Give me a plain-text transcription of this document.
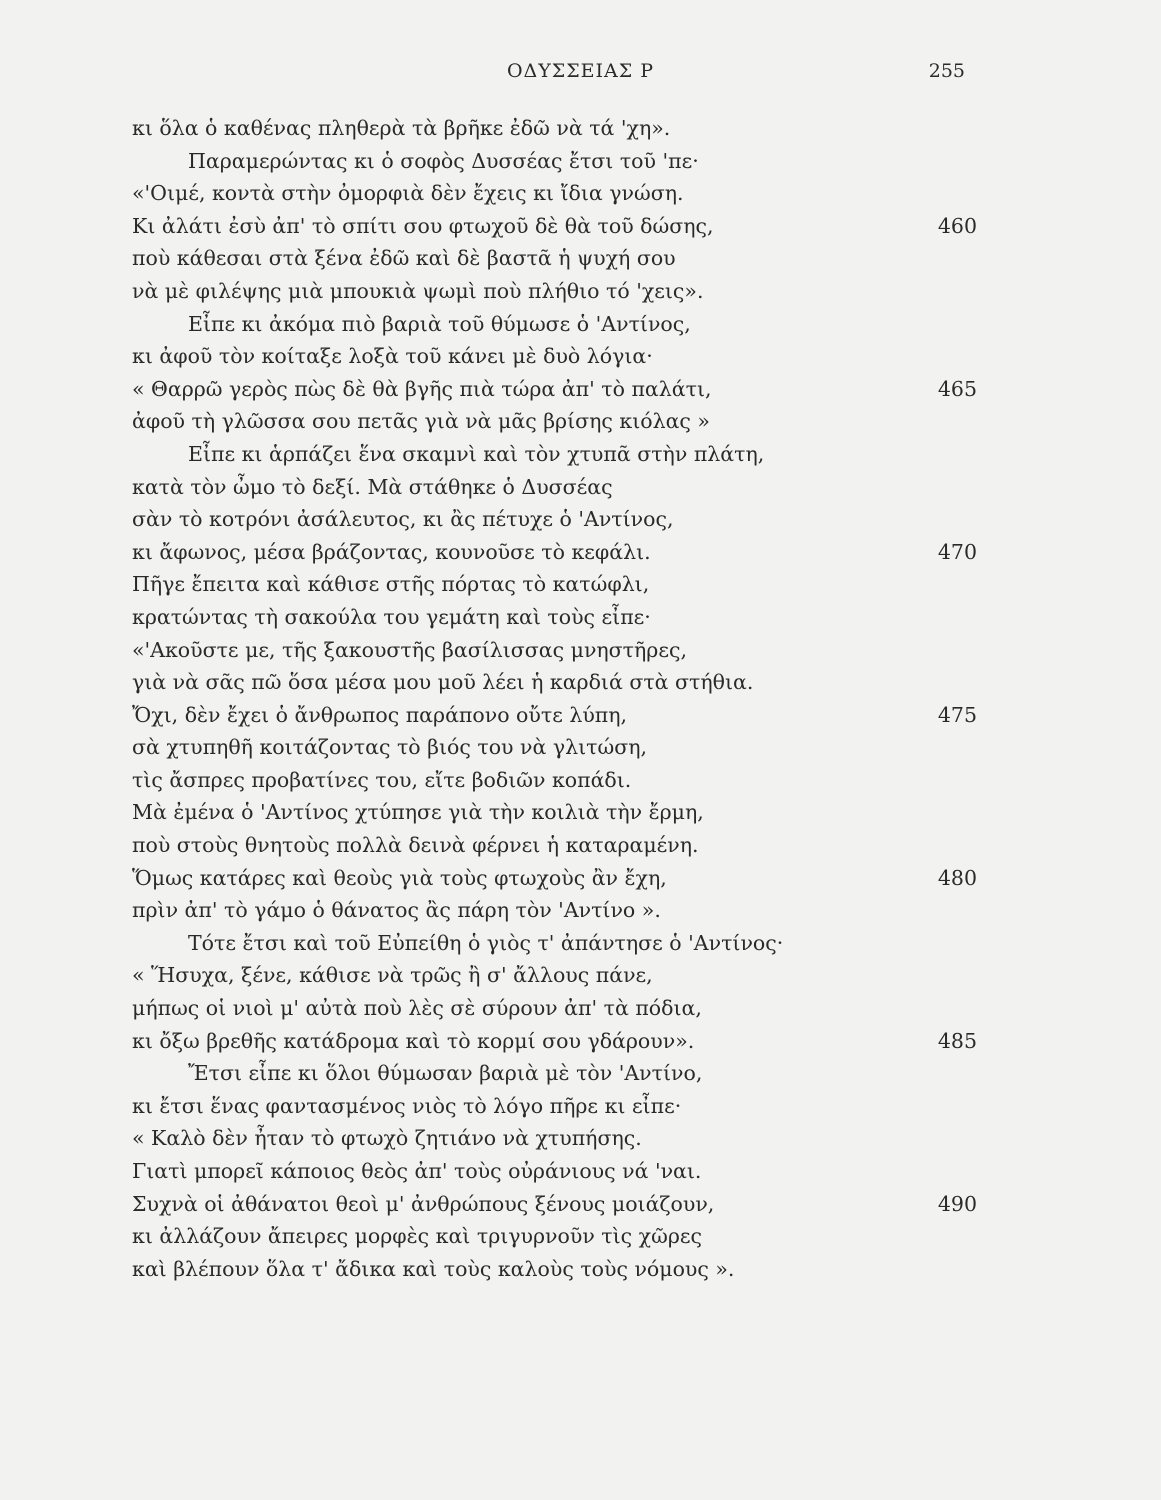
ΟΔΥΣΣΕΙΑΣ Ρ	255
κι ὅλα ὁ καθένας πληθερὰ τὰ βρῆκε ἐδῶ νὰ τά 'χη».
Παραμερώντας κι ὁ σοφὸς Δυσσέας ἔτσι τοῦ 'πε·
«'Οιμέ, κοντὰ στὴν ὀμορφιὰ δὲν ἔχεις κι ἴδια γνώση.
Κι ἀλάτι ἐσὺ ἀπ' τὸ σπίτι σου φτωχοῦ δὲ θὰ τοῦ δώσης,	460
ποὺ κάθεσαι στὰ ξένα ἐδῶ καὶ δὲ βαστᾶ ἡ ψυχή σου
νὰ μὲ φιλέψης μιὰ μπουκιὰ ψωμὶ ποὺ πλήθιο τό 'χεις».
Εἶπε κι ἀκόμα πιὸ βαριὰ τοῦ θύμωσε ὁ 'Αντίνος,
κι ἀφοῦ τὸν κοίταξε λοξὰ τοῦ κάνει μὲ δυὸ λόγια·
« Θαρρῶ γερὸς πὼς δὲ θὰ βγῆς πιὰ τώρα ἀπ' τὸ παλάτι,	465
ἀφοῦ τὴ γλῶσσα σου πετᾶς γιὰ νὰ μᾶς βρίσης κιόλας »
Εἶπε κι ἁρπάζει ἕνα σκαμνὶ καὶ τὸν χτυπᾶ στὴν πλάτη,
κατὰ τὸν ὦμο τὸ δεξί. Μὰ στάθηκε ὁ Δυσσέας
σὰν τὸ κοτρόνι ἀσάλευτος, κι ἂς πέτυχε ὁ 'Αντίνος,
κι ἄφωνος, μέσα βράζοντας, κουνοῦσε τὸ κεφάλι.	470
Πῆγε ἔπειτα καὶ κάθισε στῆς πόρτας τὸ κατώφλι,
κρατώντας τὴ σακούλα του γεμάτη καὶ τοὺς εἶπε·
«'Ακοῦστε με, τῆς ξακουστῆς βασίλισσας μνηστῆρες,
γιὰ νὰ σᾶς πῶ ὅσα μέσα μου μοῦ λέει ἡ καρδιά στὰ στήθια.
Ὄχι, δὲν ἔχει ὁ ἄνθρωπος παράπονο οὔτε λύπη,	475
σὰ χτυπηθῆ κοιτάζοντας τὸ βιός του νὰ γλιτώση,
τὶς ἄσπρες προβατίνες του, εἴτε βοδιῶν κοπάδι.
Μὰ ἐμένα ὁ 'Αντίνος χτύπησε γιὰ τὴν κοιλιὰ τὴν ἔρμη,
ποὺ στοὺς θνητοὺς πολλὰ δεινὰ φέρνει ἡ καταραμένη.
Ὅμως κατάρες καὶ θεοὺς γιὰ τοὺς φτωχοὺς ἂν ἔχη,	480
πρὶν ἀπ' τὸ γάμο ὁ θάνατος ἂς πάρη τὸν 'Αντίνο ».
Τότε ἔτσι καὶ τοῦ Εὐπείθη ὁ γιὸς τ' ἀπάντησε ὁ 'Αντίνος·
« Ἥσυχα, ξένε, κάθισε νὰ τρῶς ἢ σ' ἄλλους πάνε,
μήπως οἱ νιοὶ μ' αὐτὰ ποὺ λὲς σὲ σύρουν ἀπ' τὰ πόδια,
κι ὄξω βρεθῆς κατάδρομα καὶ τὸ κορμί σου γδάρουν».	485
Ἔτσι εἶπε κι ὅλοι θύμωσαν βαριὰ μὲ τὸν 'Αντίνο,
κι ἔτσι ἕνας φαντασμένος νιὸς τὸ λόγο πῆρε κι εἶπε·
« Καλὸ δὲν ἦταν τὸ φτωχὸ ζητιάνο νὰ χτυπήσης.
Γιατὶ μπορεῖ κάποιος θεὸς ἀπ' τοὺς οὐράνιους νά 'ναι.
Συχνὰ οἱ ἀθάνατοι θεοὶ μ' ἀνθρώπους ξένους μοιάζουν,	490
κι ἀλλάζουν ἄπειρες μορφὲς καὶ τριγυρνοῦν τὶς χῶρες
καὶ βλέπουν ὅλα τ' ἄδικα καὶ τοὺς καλοὺς τοὺς νόμους ».
